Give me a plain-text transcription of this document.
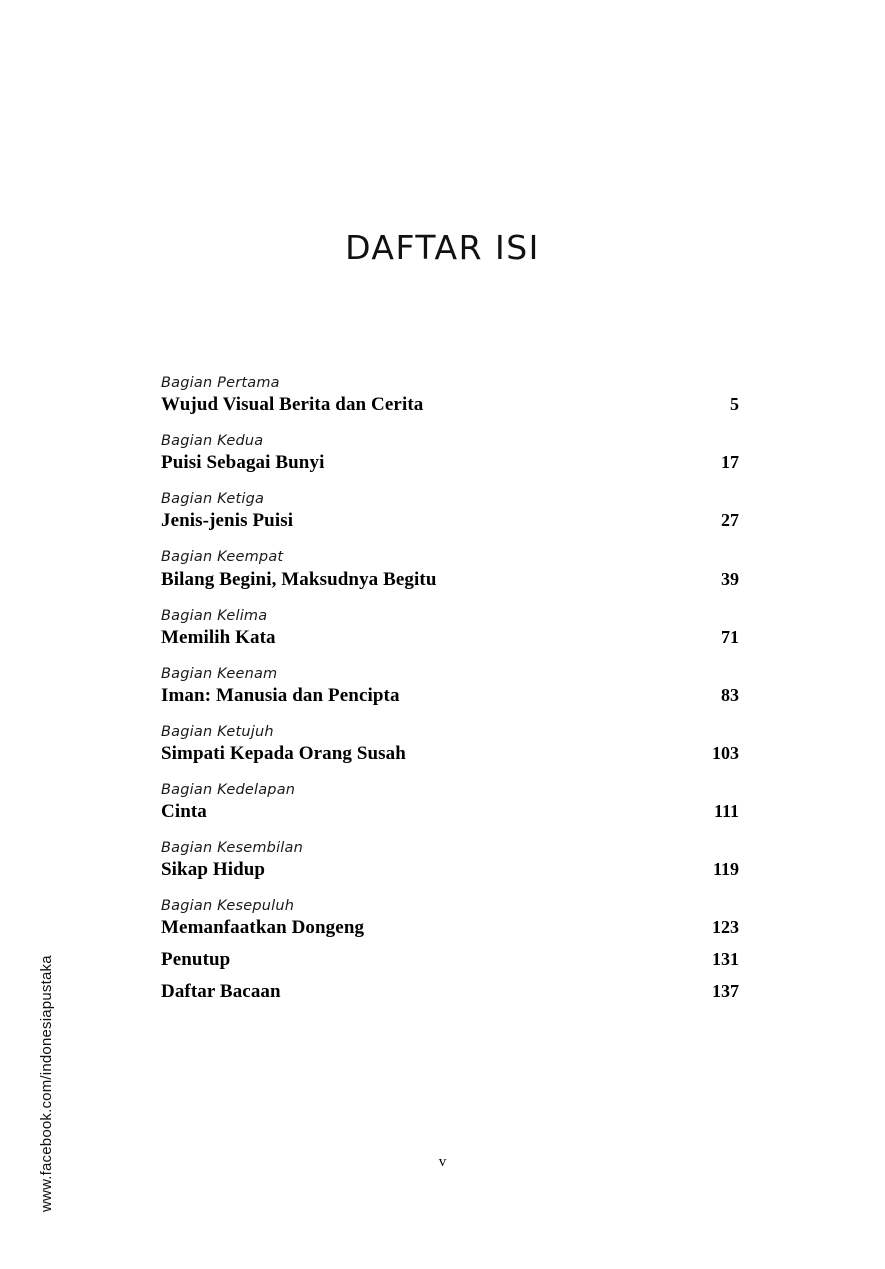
www.facebook.com/indonesiapustaka
DAFTAR ISI
Bagian Pertama
Wujud Visual Berita dan Cerita	5
Bagian Kedua
Puisi Sebagai Bunyi	17
Bagian Ketiga
Jenis-jenis Puisi	27
Bagian Keempat
Bilang Begini, Maksudnya Begitu	39
Bagian Kelima
Memilih Kata	71
Bagian Keenam
Iman: Manusia dan Pencipta	83
Bagian Ketujuh
Simpati Kepada Orang Susah	103
Bagian Kedelapan
Cinta	111
Bagian Kesembilan
Sikap Hidup	119
Bagian Kesepuluh
Memanfaatkan Dongeng	123
Penutup	131
Daftar Bacaan	137
v
